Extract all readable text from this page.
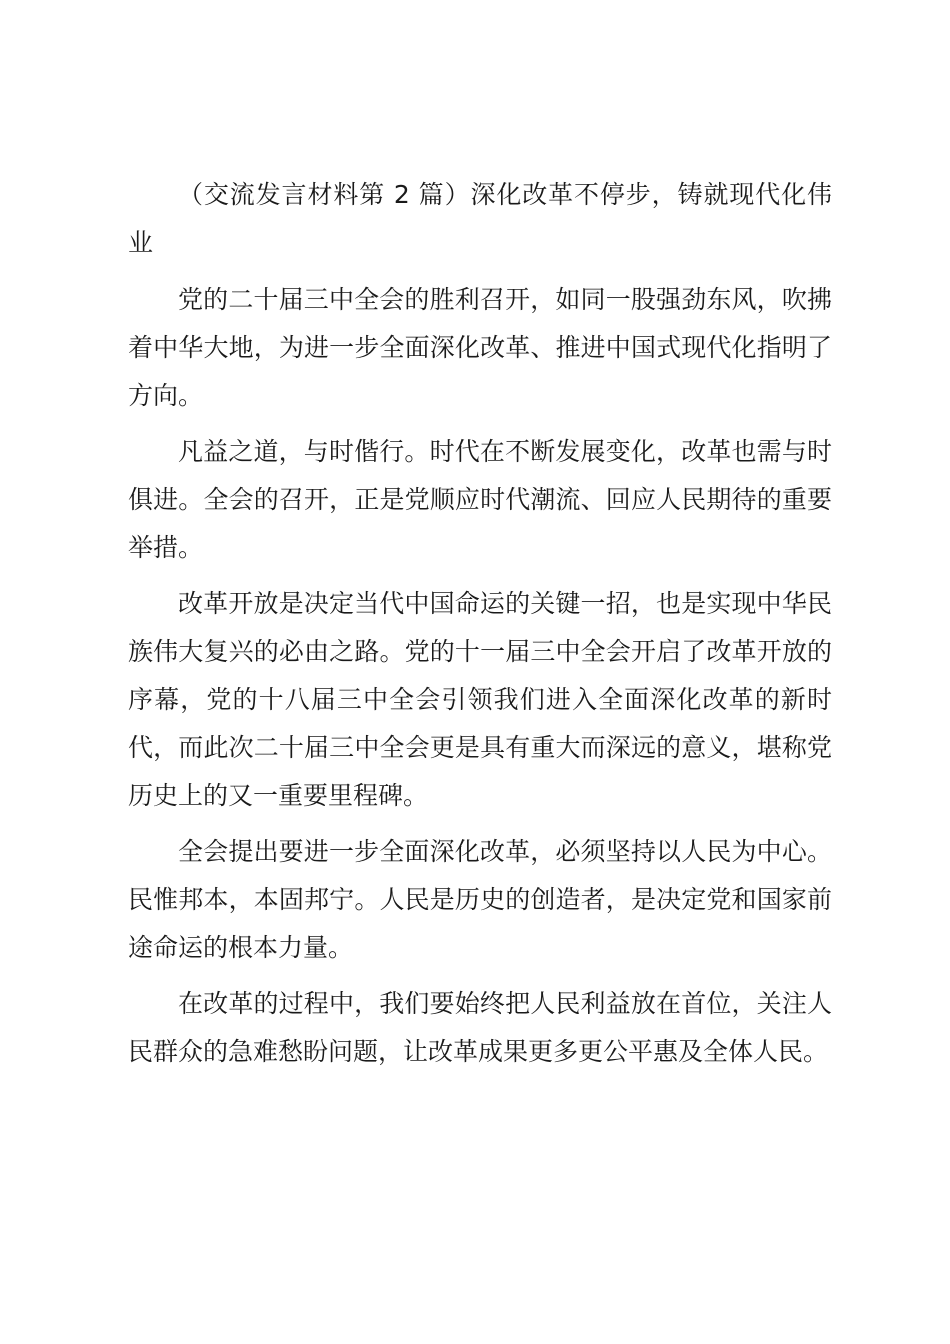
（交流发言材料第 2 篇）深化改革不停步，铸就现代化伟业

党的二十届三中全会的胜利召开，如同一股强劲东风，吹拂着中华大地，为进一步全面深化改革、推进中国式现代化指明了方向。

凡益之道，与时偕行。时代在不断发展变化，改革也需与时俱进。全会的召开，正是党顺应时代潮流、回应人民期待的重要举措。

改革开放是决定当代中国命运的关键一招，也是实现中华民族伟大复兴的必由之路。党的十一届三中全会开启了改革开放的序幕，党的十八届三中全会引领我们进入全面深化改革的新时代，而此次二十届三中全会更是具有重大而深远的意义，堪称党历史上的又一重要里程碑。

全会提出要进一步全面深化改革，必须坚持以人民为中心。民惟邦本，本固邦宁。人民是历史的创造者，是决定党和国家前途命运的根本力量。

在改革的过程中，我们要始终把人民利益放在首位，关注人民群众的急难愁盼问题，让改革成果更多更公平惠及全体人民。
